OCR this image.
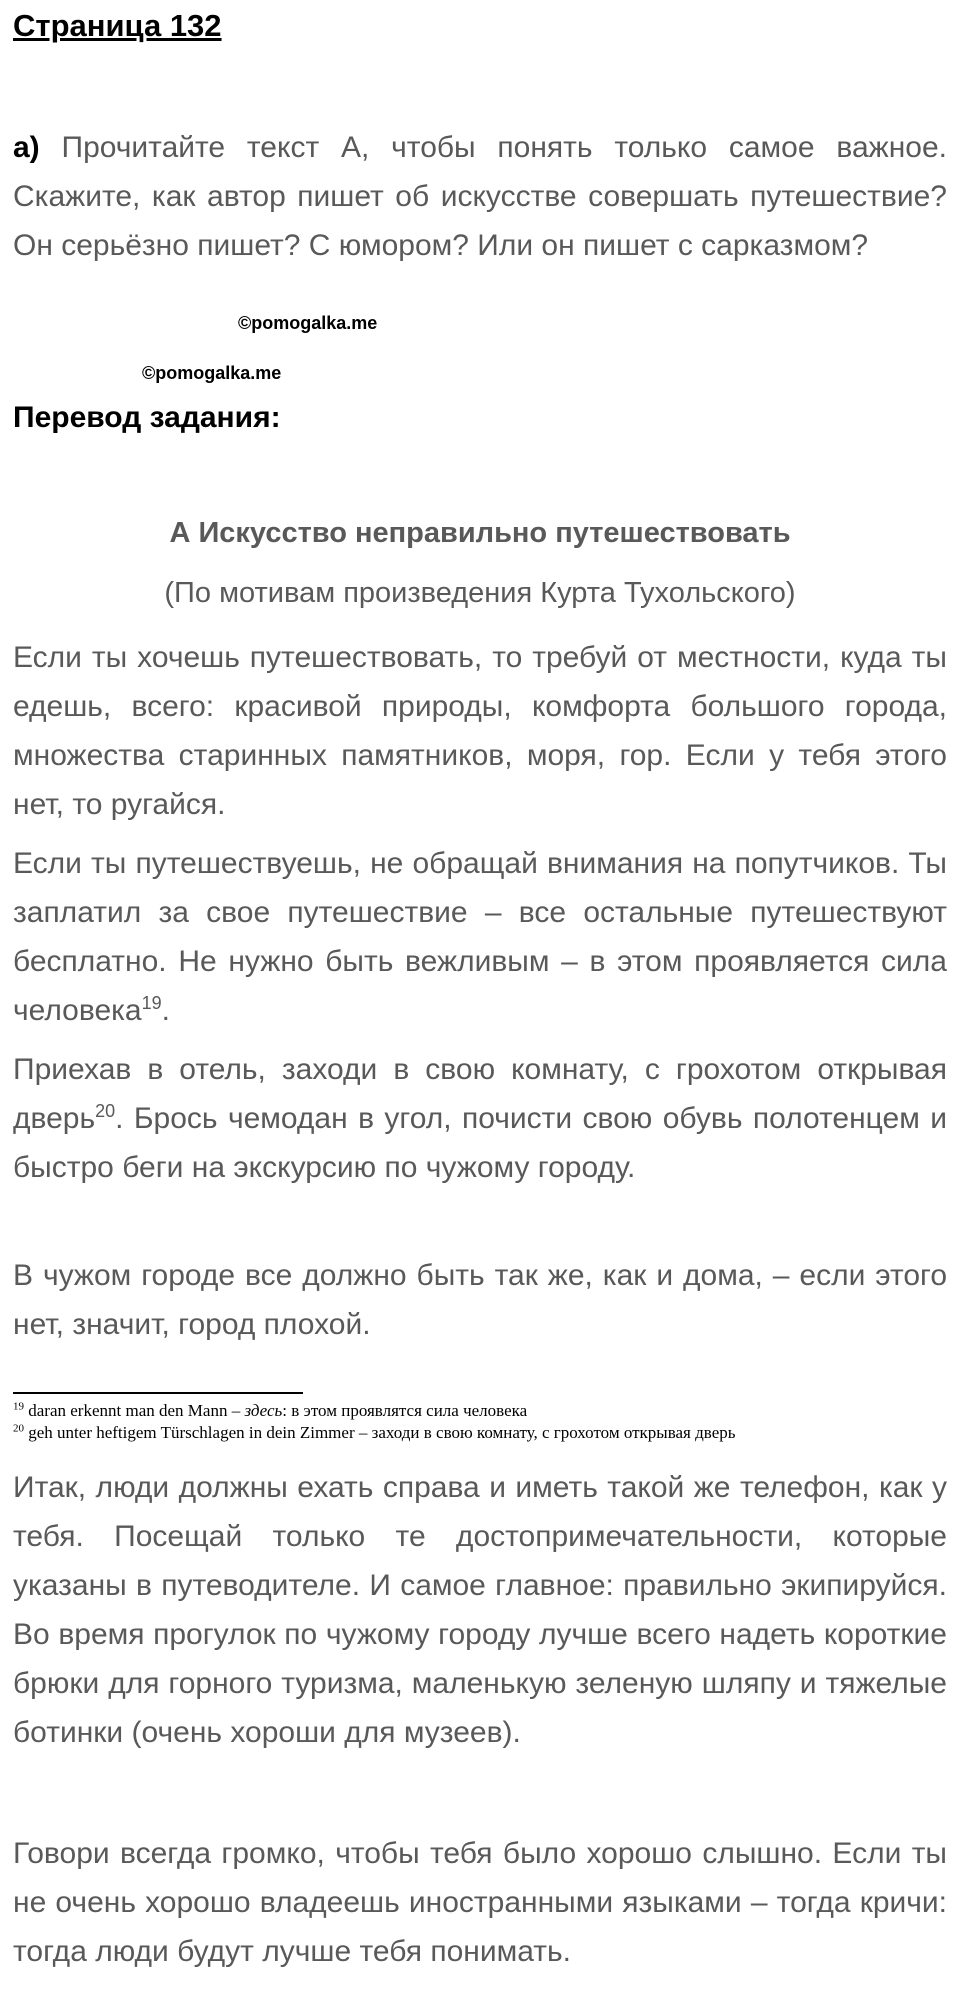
Страница 132
а) Прочитайте текст А, чтобы понять только самое важное. Скажите, как автор пишет об искусстве совершать путешествие? Он серьёзно пишет? С юмором? Или он пишет с сарказмом?
©pomogalka.me
©pomogalka.me
Перевод задания:
А Искусство неправильно путешествовать
(По мотивам произведения Курта Тухольского)

Если ты хочешь путешествовать, то требуй от местности, куда ты едешь, всего: красивой природы, комфорта большого города, множества старинных памятников, моря, гор. Если у тебя этого нет, то ругайся.

Если ты путешествуешь, не обращай внимания на попутчиков. Ты заплатил за свое путешествие – все остальные путешествуют бесплатно. Не нужно быть вежливым – в этом проявляется сила человека$^{19}$.

Приехав в отель, заходи в свою комнату, с грохотом открывая дверь$^{20}$. Брось чемодан в угол, почисти свою обувь полотенцем и быстро беги на экскурсию по чужому городу.

В чужом городе все должно быть так же, как и дома, – если этого нет, значит, город плохой.

$^{19}$ daran erkennt man den Mann – здесь: в этом проявлятся сила человека
$^{20}$ geh unter heftigem Türschlagen in dein Zimmer – заходи в свою комнату, с грохотом открывая дверь

Итак, люди должны ехать справа и иметь такой же телефон, как у тебя. Посещай только те достопримечательности, которые указаны в путеводителе. И самое главное: правильно экипируйся. Во время прогулок по чужому городу лучше всего надеть короткие брюки для горного туризма, маленькую зеленую шляпу и тяжелые ботинки (очень хороши для музеев).

Говори всегда громко, чтобы тебя было хорошо слышно. Если ты не очень хорошо владеешь иностранными языками – тогда кричи: тогда люди будут лучше тебя понимать.
